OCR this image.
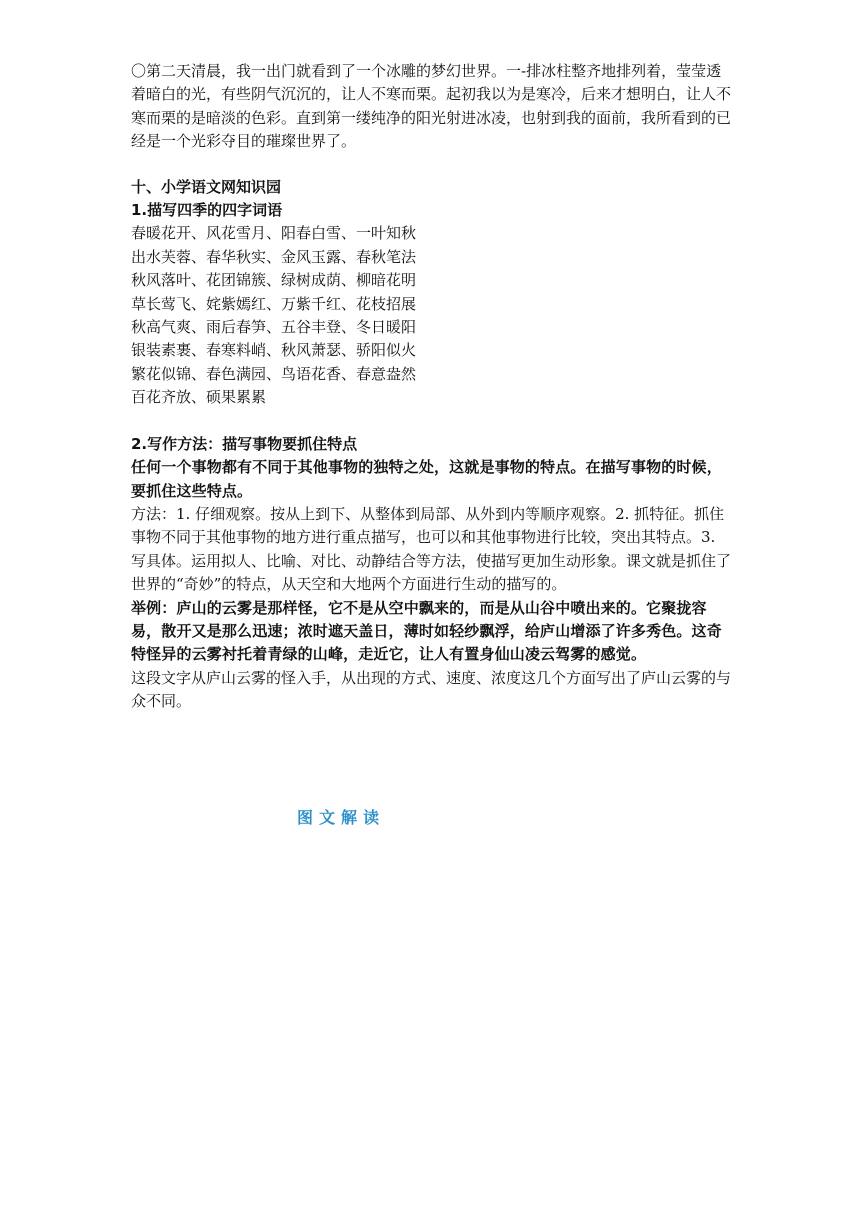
〇第二天清晨，我一出门就看到了一个冰雕的梦幻世界。一-排冰柱整齐地排列着，莹莹透着暗白的光，有些阴气沉沉的，让人不寒而栗。起初我以为是寒冷，后来才想明白，让人不寒而栗的是暗淡的色彩。直到第一缕纯净的阳光射进冰凌，也射到我的面前，我所看到的已经是一个光彩夺目的璀璨世界了。

十、小学语文网知识园

1.描写四季的四字词语

春暖花开、风花雪月、阳春白雪、一叶知秋

出水芙蓉、春华秋实、金风玉露、春秋笔法

秋风落叶、花团锦簇、绿树成荫、柳暗花明

草长莺飞、姹紫嫣红、万紫千红、花枝招展

秋高气爽、雨后春笋、五谷丰登、冬日暖阳

银装素裹、春寒料峭、秋风萧瑟、骄阳似火

繁花似锦、春色满园、鸟语花香、春意盎然

百花齐放、硕果累累

2.写作方法：描写事物要抓住特点

任何一个事物都有不同于其他事物的独特之处，这就是事物的特点。在描写事物的时候，要抓住这些特点。

方法：1. 仔细观察。按从上到下、从整体到局部、从外到内等顺序观察。2. 抓特征。抓住事物不同于其他事物的地方进行重点描写，也可以和其他事物进行比较，突出其特点。3. 写具体。运用拟人、比喻、对比、动静结合等方法，使描写更加生动形象。课文就是抓住了世界的“奇妙”的特点，从天空和大地两个方面进行生动的描写的。

举例：庐山的云雾是那样怪，它不是从空中飘来的，而是从山谷中喷出来的。它聚拢容易，散开又是那么迅速；浓时遮天盖日，薄时如轻纱飘浮，给庐山增添了许多秀色。这奇特怪异的云雾衬托着青绿的山峰，走近它，让人有置身仙山凌云驾雾的感觉。

这段文字从庐山云雾的怪入手，从出现的方式、速度、浓度这几个方面写出了庐山云雾的与众不同。

图文解读
